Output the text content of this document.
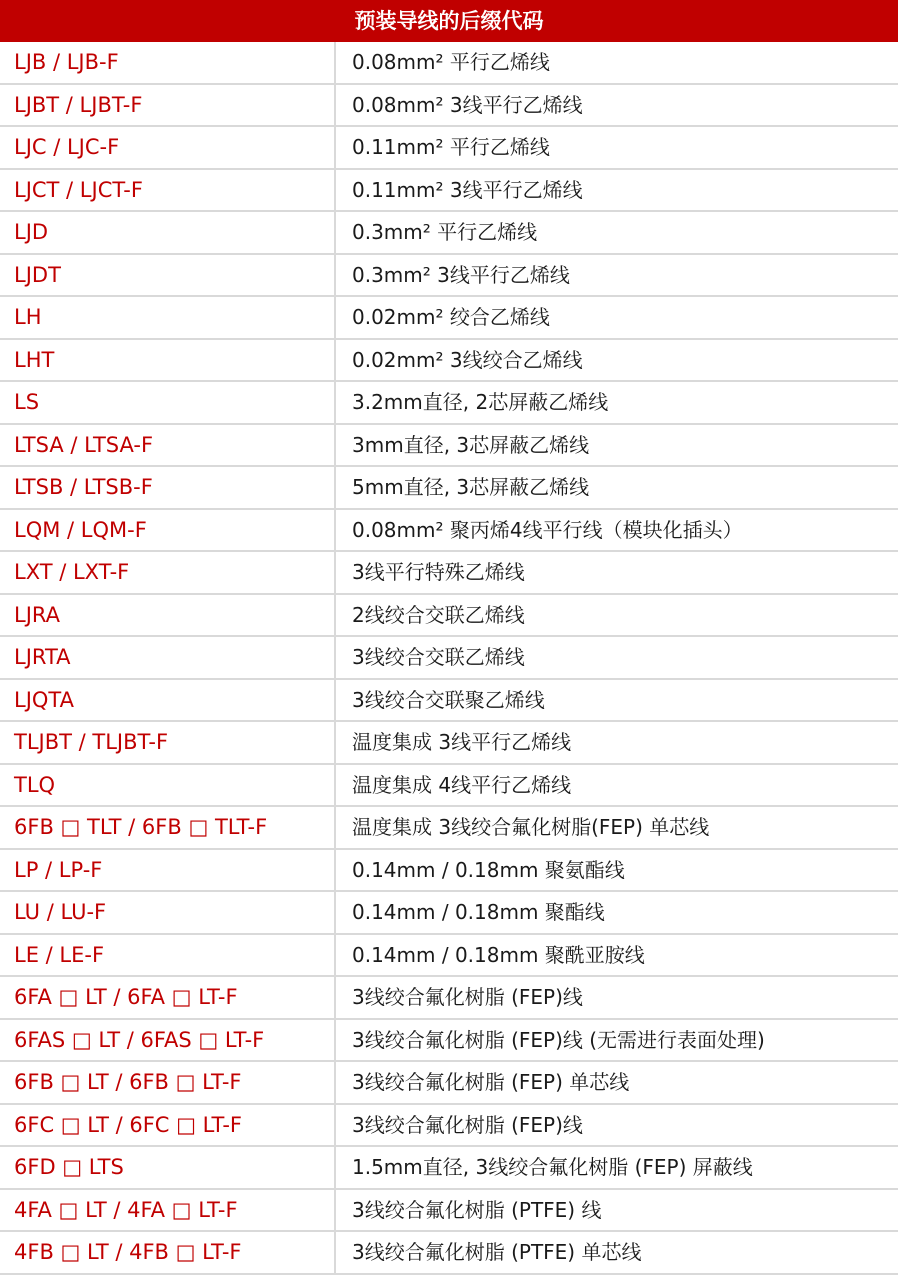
预装导线的后缀代码
LJB / LJB-F	0.08mm² 平行乙烯线
LJBT / LJBT-F	0.08mm² 3线平行乙烯线
LJC / LJC-F	0.11mm² 平行乙烯线
LJCT / LJCT-F	0.11mm² 3线平行乙烯线
LJD	0.3mm² 平行乙烯线
LJDT	0.3mm² 3线平行乙烯线
LH	0.02mm² 绞合乙烯线
LHT	0.02mm² 3线绞合乙烯线
LS	3.2mm直径, 2芯屏蔽乙烯线
LTSA / LTSA-F	3mm直径, 3芯屏蔽乙烯线
LTSB / LTSB-F	5mm直径, 3芯屏蔽乙烯线
LQM / LQM-F	0.08mm² 聚丙烯4线平行线（模块化插头）
LXT / LXT-F	3线平行特殊乙烯线
LJRA	2线绞合交联乙烯线
LJRTA	3线绞合交联乙烯线
LJQTA	3线绞合交联聚乙烯线
TLJBT / TLJBT-F	温度集成 3线平行乙烯线
TLQ	温度集成 4线平行乙烯线
6FB □ TLT / 6FB □ TLT-F	温度集成 3线绞合氟化树脂(FEP) 单芯线
LP / LP-F	0.14mm / 0.18mm 聚氨酯线
LU / LU-F	0.14mm / 0.18mm 聚酯线
LE / LE-F	0.14mm / 0.18mm 聚酰亚胺线
6FA □ LT / 6FA □ LT-F	3线绞合氟化树脂 (FEP)线
6FAS □ LT / 6FAS □ LT-F	3线绞合氟化树脂 (FEP)线 (无需进行表面处理)
6FB □ LT / 6FB □ LT-F	3线绞合氟化树脂 (FEP) 单芯线
6FC □ LT / 6FC □ LT-F	3线绞合氟化树脂 (FEP)线
6FD □ LTS	1.5mm直径, 3线绞合氟化树脂 (FEP) 屏蔽线
4FA □ LT / 4FA □ LT-F	3线绞合氟化树脂 (PTFE) 线
4FB □ LT / 4FB □ LT-F	3线绞合氟化树脂 (PTFE) 单芯线
